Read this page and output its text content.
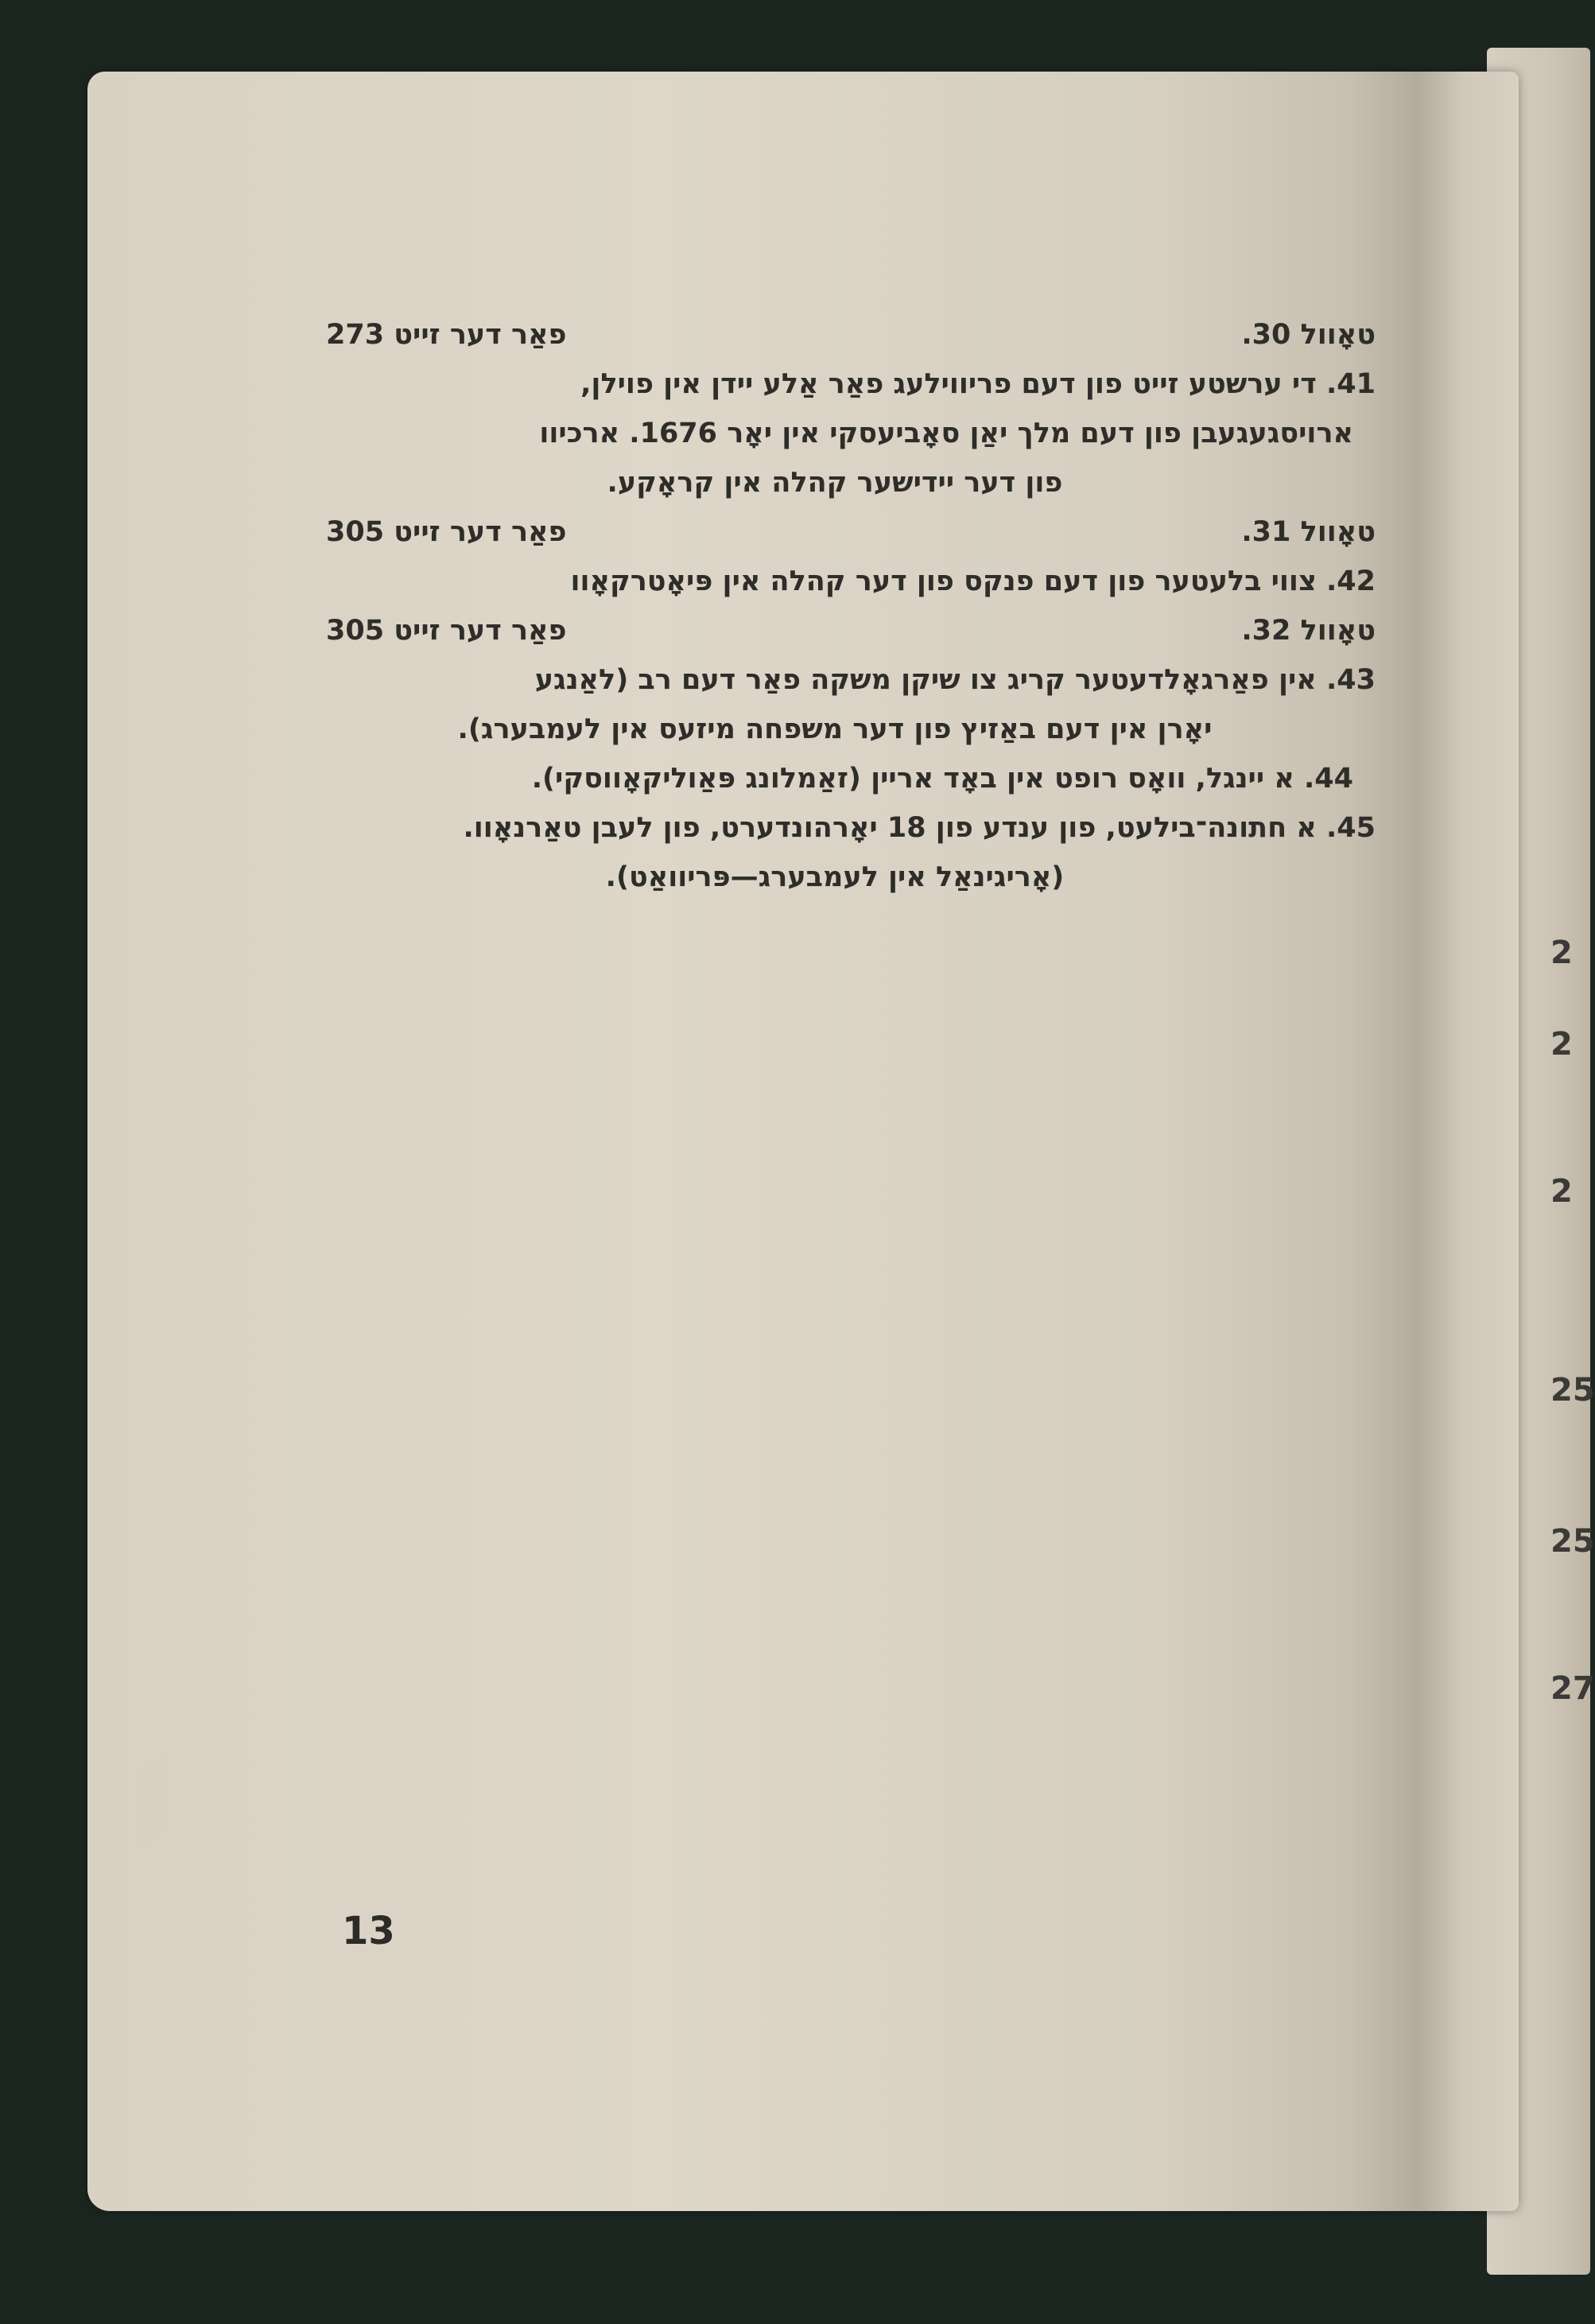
2
2
2
25
25
27
טאָוול 30.
פאַר דער זייט 273
41. די ערשטע זייט פון דעם פריווילעג פאַר אַלע יידן אין פוילן,
ארויסגעגעבן פון דעם מלך יאַן סאָביעסקי אין יאָר 1676. ארכיוו
פון דער יידישער קהלה אין קראָקע.
טאָוול 31.
פאַר דער זייט 305
42. צווי בלעטער פון דעם פנקס פון דער קהלה אין פּיאָטרקאָוו
טאָוול 32.
פאַר דער זייט 305
43. אין פאַרגאָלדעטער קריג צו שיקן משקה פאַר דעם רב (לאַנגע
יאָרן אין דעם באַזיץ פון דער משפחה מיזעס אין לעמבערג).
44. א יינגל, וואָס רופט אין באָד אריין (זאַמלונג פּאַוליקאָווסקי).
45. א חתונה־בילעט, פון ענדע פון 18 יאָרהונדערט, פון לעבן טאַרנאָוו.
(אָריגינאַל אין לעמבערג—פּריוואַט).
13
